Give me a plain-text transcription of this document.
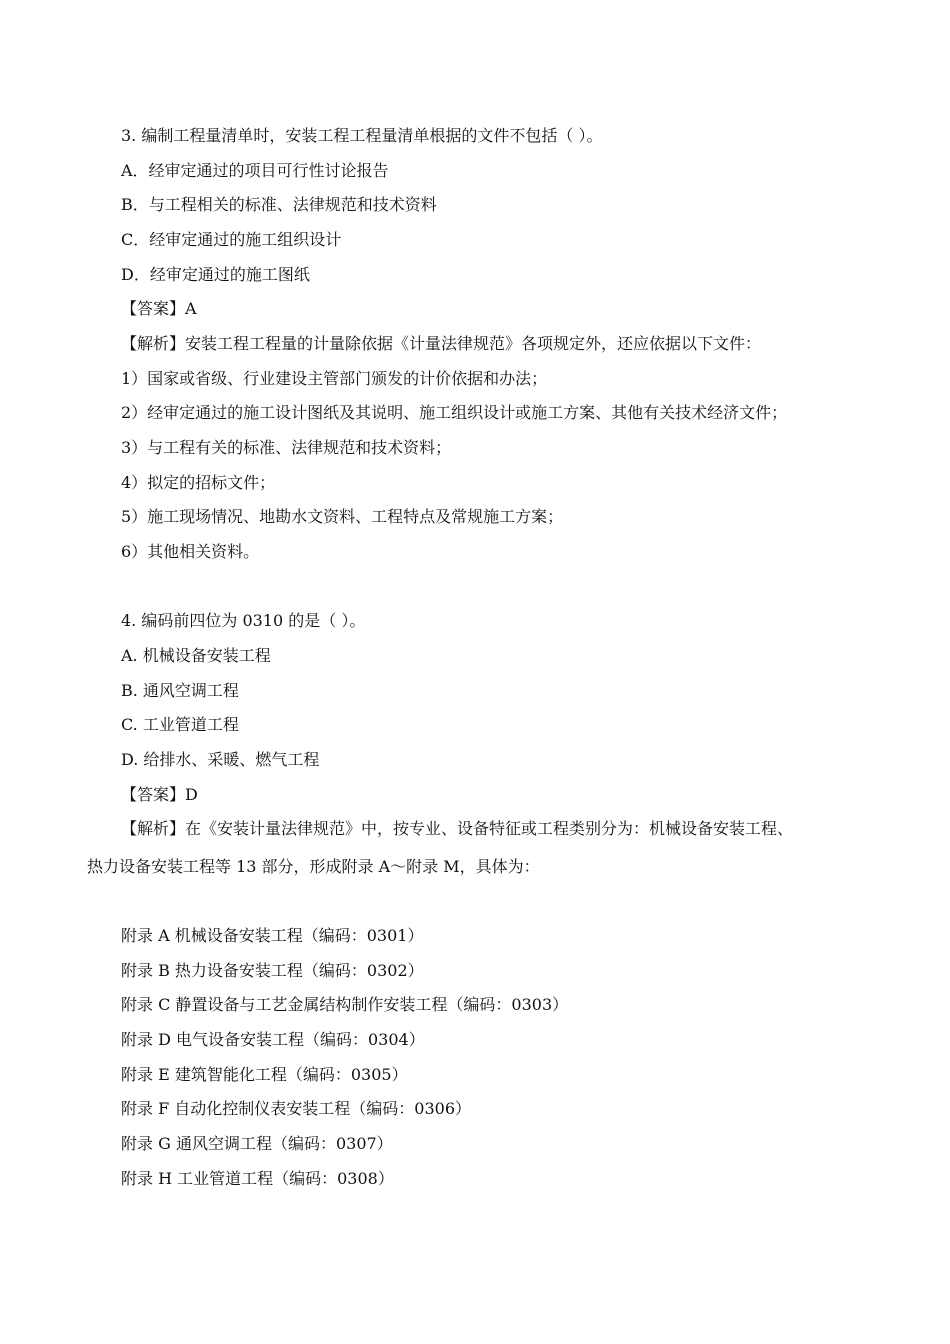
3. 编制工程量清单时，安装工程工程量清单根据的文件不包括（ ）。
A．经审定通过的项目可行性讨论报告
B．与工程相关的标准、法律规范和技术资料
C．经审定通过的施工组织设计
D．经审定通过的施工图纸
【答案】A
【解析】安装工程工程量的计量除依据《计量法律规范》各项规定外，还应依据以下文件：
1）国家或省级、行业建设主管部门颁发的计价依据和办法；
2）经审定通过的施工设计图纸及其说明、施工组织设计或施工方案、其他有关技术经济文件；
3）与工程有关的标准、法律规范和技术资料；
4）拟定的招标文件；
5）施工现场情况、地勘水文资料、工程特点及常规施工方案；
6）其他相关资料。
4. 编码前四位为 0310 的是（ ）。
A. 机械设备安装工程
B. 通风空调工程
C. 工业管道工程
D. 给排水、采暖、燃气工程
【答案】D
【解析】在《安装计量法律规范》中，按专业、设备特征或工程类别分为：机械设备安装工程、
热力设备安装工程等 13 部分，形成附录 A～附录 M，具体为：
附录 A 机械设备安装工程（编码：0301）
附录 B 热力设备安装工程（编码：0302）
附录 C 静置设备与工艺金属结构制作安装工程（编码：0303）
附录 D 电气设备安装工程（编码：0304）
附录 E 建筑智能化工程（编码：0305）
附录 F 自动化控制仪表安装工程（编码：0306）
附录 G 通风空调工程（编码：0307）
附录 H 工业管道工程（编码：0308）
